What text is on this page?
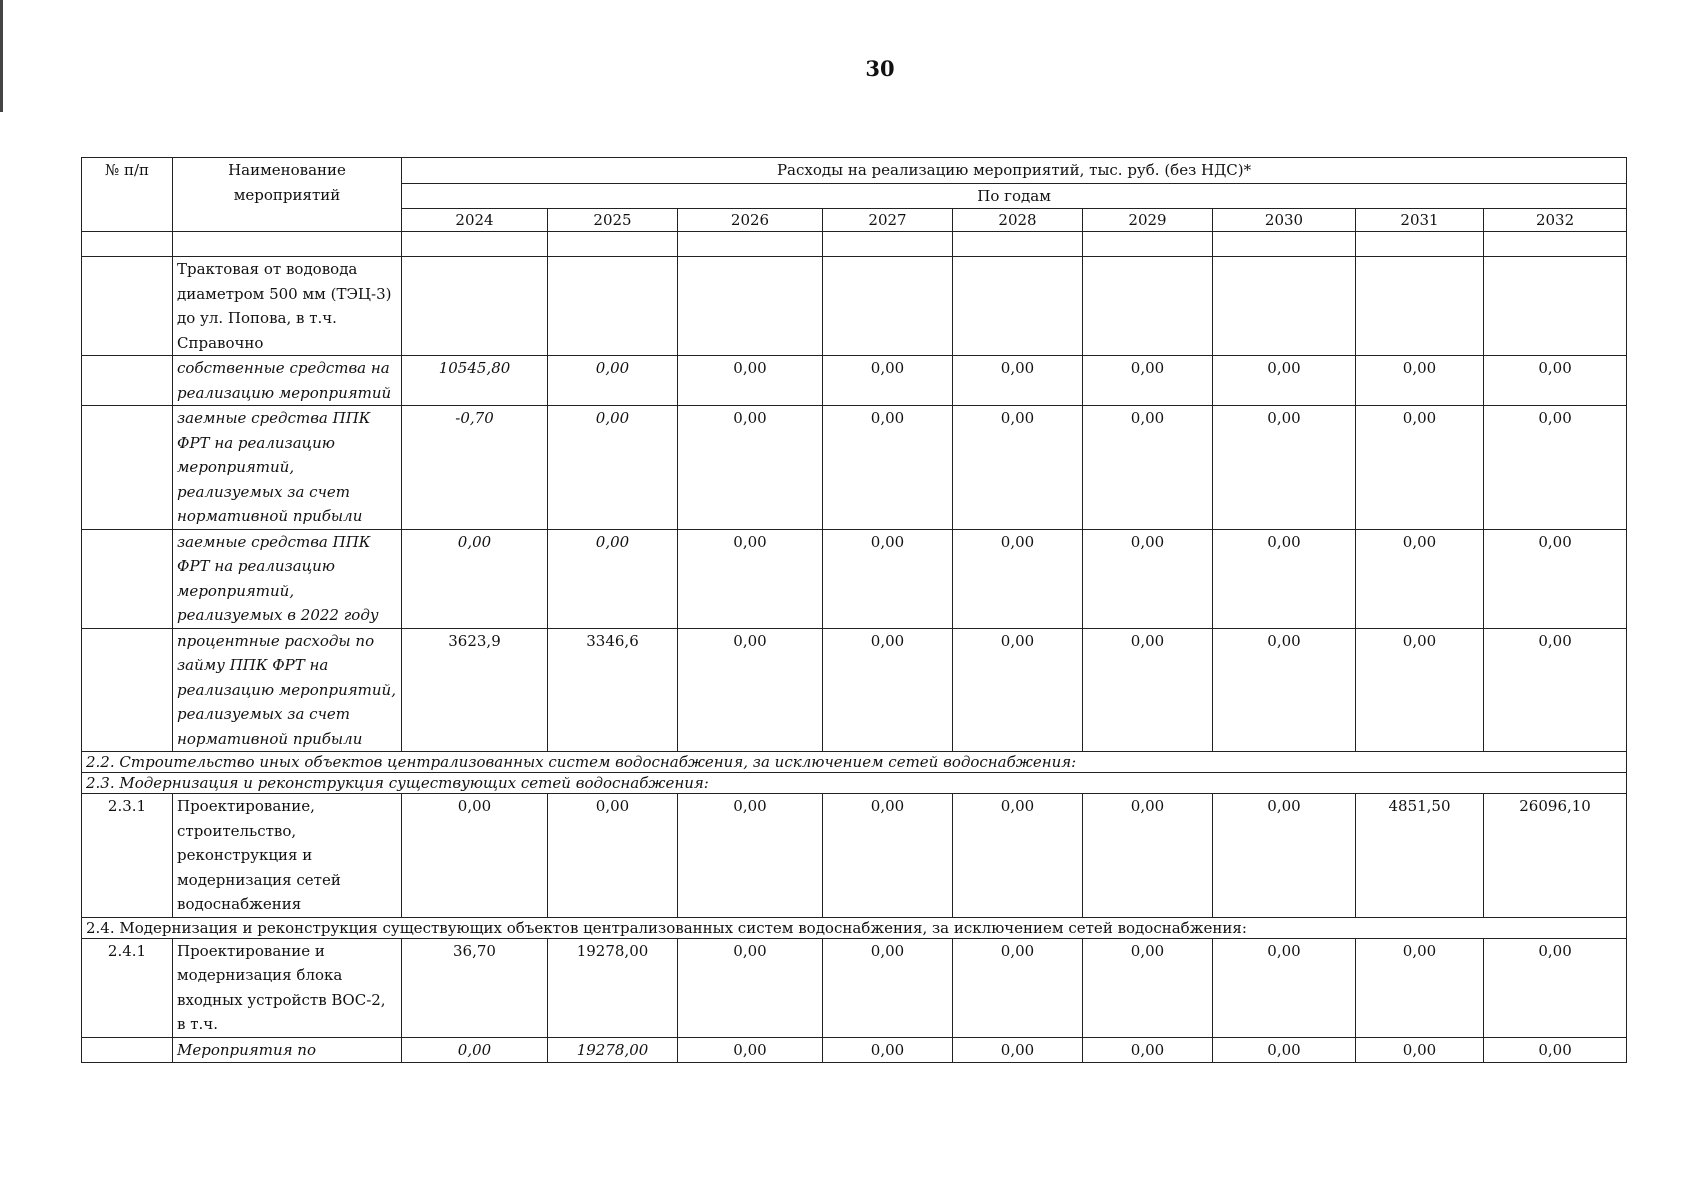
30
№ п/п	Наименование мероприятий	Расходы на реализацию мероприятий, тыс. руб. (без НДС)*								
		По годам								
		2024	2025	2026	2027	2028	2029	2030	2031	2032

	Трактовая от водовода диаметром 500 мм (ТЭЦ-3) до ул. Попова, в т.ч. Справочно									
	собственные средства на реализацию мероприятий	10545,80	0,00	0,00	0,00	0,00	0,00	0,00	0,00	0,00
	заемные средства ППК ФРТ на реализацию мероприятий, реализуемых за счет нормативной прибыли	-0,70	0,00	0,00	0,00	0,00	0,00	0,00	0,00	0,00
	заемные средства ППК ФРТ на реализацию мероприятий, реализуемых в 2022 году	0,00	0,00	0,00	0,00	0,00	0,00	0,00	0,00	0,00
	процентные расходы по займу ППК ФРТ на реализацию мероприятий, реализуемых за счет нормативной прибыли	3623,9	3346,6	0,00	0,00	0,00	0,00	0,00	0,00	0,00
2.2. Строительство иных объектов централизованных систем водоснабжения, за исключением сетей водоснабжения:										
2.3. Модернизация и реконструкция существующих сетей водоснабжения:										
2.3.1	Проектирование, строительство, реконструкция и модернизация сетей водоснабжения	0,00	0,00	0,00	0,00	0,00	0,00	0,00	4851,50	26096,10
2.4. Модернизация и реконструкция существующих объектов централизованных систем водоснабжения, за исключением сетей водоснабжения:										
2.4.1	Проектирование и модернизация блока входных устройств ВОС-2, в т.ч.	36,70	19278,00	0,00	0,00	0,00	0,00	0,00	0,00	0,00
	Мероприятия по	0,00	19278,00	0,00	0,00	0,00	0,00	0,00	0,00	0,00
